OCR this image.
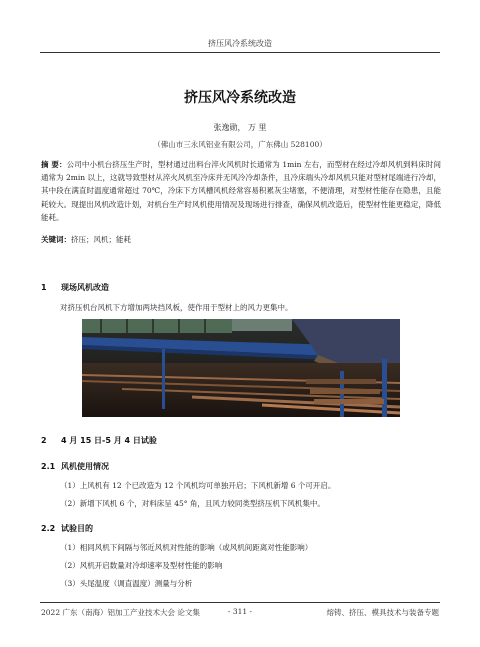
挤压风冷系统改造
挤压风冷系统改造
张逸勋， 万 里
（佛山市三永风铝业有限公司，广东佛山 528100）
摘 要：公司中小机台挤压生产时，型材通过出料台淬火风机时长通常为 1min 左右，而型材在经过冷却风机到料床时间通常为 2min 以上，这就导致型材从淬火风机至冷床并无风冷冷却条件，且冷床端头冷却风机只能对型材尾端进行冷却，其中段在满直时温度通常超过 70℃，冷床下方风槽风机经常容易积累灰尘堵塞，不便清理，对型材性能存在隐患，且能耗较大。现提出风机改造计划，对机台生产时风机使用情况及现场进行排查，确保风机改造后，使型材性能更稳定，降低能耗。
关键词：挤压；风机；能耗
1 现场风机改造
对挤压机台风机下方增加两块挡风板，使作用于型材上的风力更集中。
2 4 月 15 日-5 月 4 日试验
2.1 风机使用情况
（1）上风机有 12 个已改造为 12 个风机均可单独开启；下风机新增 6 个可开启。
（2）新增下风机 6 个，对料床呈 45° 角，且风力较同类型挤压机下风机集中。
2.2 试验目的
（1）相同风机下间隔与邻近风机对性能的影响（或风机间距离对性能影响）
（2）风机开启数量对冷却速率及型材性能的影响
（3）头尾温度（调直温度）测量与分析
2022 广东（南海）铝加工产业技术大会 论文集	- 311 -	熔铸、挤压、模具技术与装备专题
